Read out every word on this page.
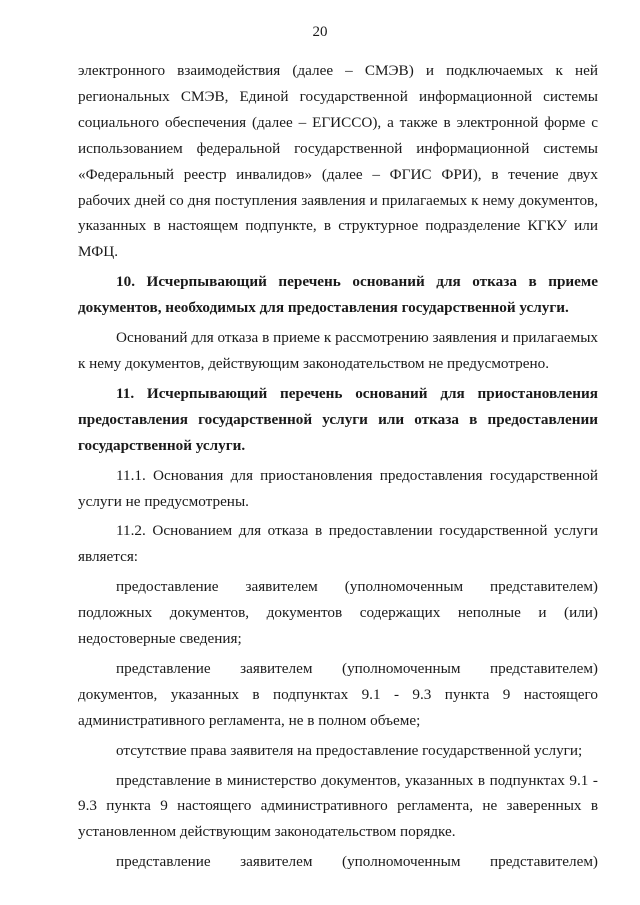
20

электронного взаимодействия (далее – СМЭВ) и подключаемых к ней региональных СМЭВ, Единой государственной информационной системы социального обеспечения (далее – ЕГИССО), а также в электронной форме с использованием федеральной государственной информационной системы «Федеральный реестр инвалидов» (далее – ФГИС ФРИ), в течение двух рабочих дней со дня поступления заявления и прилагаемых к нему документов, указанных в настоящем подпункте, в структурное подразделение КГКУ или МФЦ.

10. Исчерпывающий перечень оснований для отказа в приеме документов, необходимых для предоставления государственной услуги.

Оснований для отказа в приеме к рассмотрению заявления и прилагаемых к нему документов, действующим законодательством не предусмотрено.

11. Исчерпывающий перечень оснований для приостановления предоставления государственной услуги или отказа в предоставлении государственной услуги.

11.1. Основания для приостановления предоставления государственной услуги не предусмотрены.

11.2. Основанием для отказа в предоставлении государственной услуги является:

предоставление заявителем (уполномоченным представителем) подложных документов, документов содержащих неполные и (или) недостоверные сведения;

представление заявителем (уполномоченным представителем) документов, указанных в подпунктах 9.1 - 9.3 пункта 9 настоящего административного регламента, не в полном объеме;

отсутствие права заявителя на предоставление государственной услуги;

представление в министерство документов, указанных в подпунктах 9.1 - 9.3 пункта 9 настоящего административного регламента, не заверенных в установленном действующим законодательством порядке.

представление заявителем (уполномоченным представителем)
